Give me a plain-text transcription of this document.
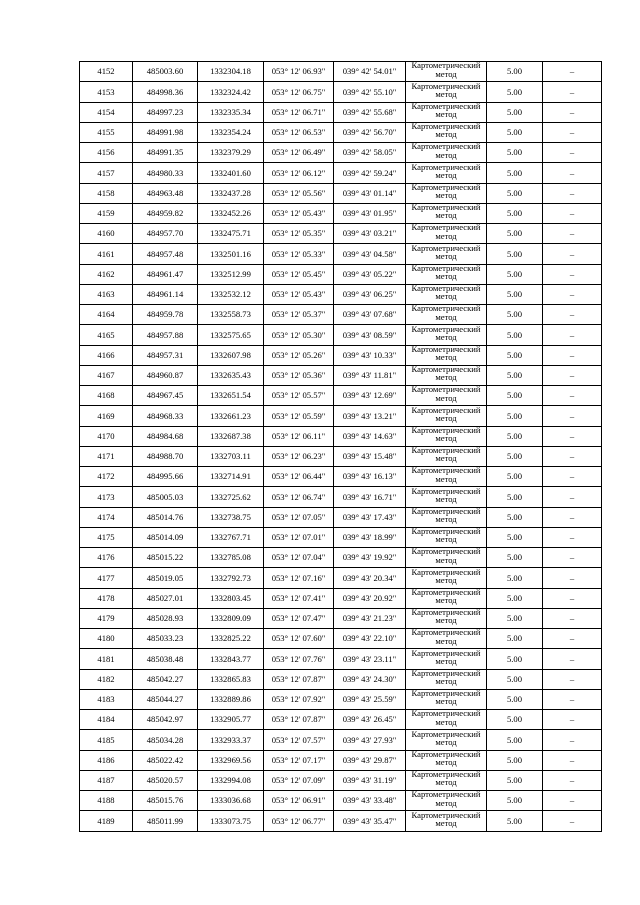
4152	485003.60	1332304.18	053° 12' 06.93"	039° 42' 54.01"	Картометрический метод	5.00	–
4153	484998.36	1332324.42	053° 12' 06.75"	039° 42' 55.10"	Картометрический метод	5.00	–
4154	484997.23	1332335.34	053° 12' 06.71"	039° 42' 55.68"	Картометрический метод	5.00	–
4155	484991.98	1332354.24	053° 12' 06.53"	039° 42' 56.70"	Картометрический метод	5.00	–
4156	484991.35	1332379.29	053° 12' 06.49"	039° 42' 58.05"	Картометрический метод	5.00	–
4157	484980.33	1332401.60	053° 12' 06.12"	039° 42' 59.24"	Картометрический метод	5.00	–
4158	484963.48	1332437.28	053° 12' 05.56"	039° 43' 01.14"	Картометрический метод	5.00	–
4159	484959.82	1332452.26	053° 12' 05.43"	039° 43' 01.95"	Картометрический метод	5.00	–
4160	484957.70	1332475.71	053° 12' 05.35"	039° 43' 03.21"	Картометрический метод	5.00	–
4161	484957.48	1332501.16	053° 12' 05.33"	039° 43' 04.58"	Картометрический метод	5.00	–
4162	484961.47	1332512.99	053° 12' 05.45"	039° 43' 05.22"	Картометрический метод	5.00	–
4163	484961.14	1332532.12	053° 12' 05.43"	039° 43' 06.25"	Картометрический метод	5.00	–
4164	484959.78	1332558.73	053° 12' 05.37"	039° 43' 07.68"	Картометрический метод	5.00	–
4165	484957.88	1332575.65	053° 12' 05.30"	039° 43' 08.59"	Картометрический метод	5.00	–
4166	484957.31	1332607.98	053° 12' 05.26"	039° 43' 10.33"	Картометрический метод	5.00	–
4167	484960.87	1332635.43	053° 12' 05.36"	039° 43' 11.81"	Картометрический метод	5.00	–
4168	484967.45	1332651.54	053° 12' 05.57"	039° 43' 12.69"	Картометрический метод	5.00	–
4169	484968.33	1332661.23	053° 12' 05.59"	039° 43' 13.21"	Картометрический метод	5.00	–
4170	484984.68	1332687.38	053° 12' 06.11"	039° 43' 14.63"	Картометрический метод	5.00	–
4171	484988.70	1332703.11	053° 12' 06.23"	039° 43' 15.48"	Картометрический метод	5.00	–
4172	484995.66	1332714.91	053° 12' 06.44"	039° 43' 16.13"	Картометрический метод	5.00	–
4173	485005.03	1332725.62	053° 12' 06.74"	039° 43' 16.71"	Картометрический метод	5.00	–
4174	485014.76	1332738.75	053° 12' 07.05"	039° 43' 17.43"	Картометрический метод	5.00	–
4175	485014.09	1332767.71	053° 12' 07.01"	039° 43' 18.99"	Картометрический метод	5.00	–
4176	485015.22	1332785.08	053° 12' 07.04"	039° 43' 19.92"	Картометрический метод	5.00	–
4177	485019.05	1332792.73	053° 12' 07.16"	039° 43' 20.34"	Картометрический метод	5.00	–
4178	485027.01	1332803.45	053° 12' 07.41"	039° 43' 20.92"	Картометрический метод	5.00	–
4179	485028.93	1332809.09	053° 12' 07.47"	039° 43' 21.23"	Картометрический метод	5.00	–
4180	485033.23	1332825.22	053° 12' 07.60"	039° 43' 22.10"	Картометрический метод	5.00	–
4181	485038.48	1332843.77	053° 12' 07.76"	039° 43' 23.11"	Картометрический метод	5.00	–
4182	485042.27	1332865.83	053° 12' 07.87"	039° 43' 24.30"	Картометрический метод	5.00	–
4183	485044.27	1332889.86	053° 12' 07.92"	039° 43' 25.59"	Картометрический метод	5.00	–
4184	485042.97	1332905.77	053° 12' 07.87"	039° 43' 26.45"	Картометрический метод	5.00	–
4185	485034.28	1332933.37	053° 12' 07.57"	039° 43' 27.93"	Картометрический метод	5.00	–
4186	485022.42	1332969.56	053° 12' 07.17"	039° 43' 29.87"	Картометрический метод	5.00	–
4187	485020.57	1332994.08	053° 12' 07.09"	039° 43' 31.19"	Картометрический метод	5.00	–
4188	485015.76	1333036.68	053° 12' 06.91"	039° 43' 33.48"	Картометрический метод	5.00	–
4189	485011.99	1333073.75	053° 12' 06.77"	039° 43' 35.47"	Картометрический метод	5.00	–
